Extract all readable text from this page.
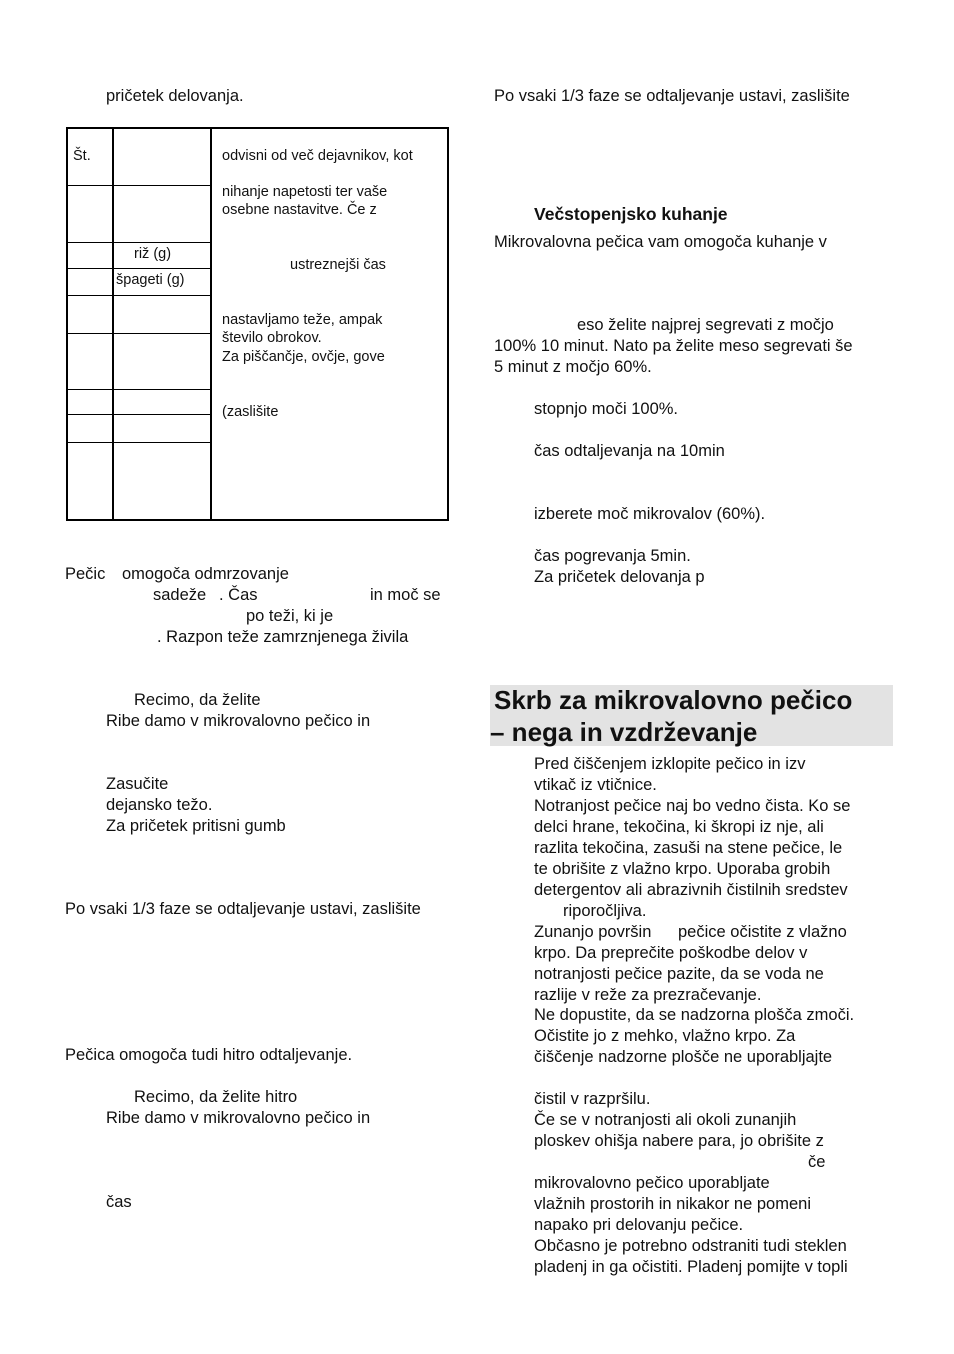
pričetek delovanja.
Št.
riž (g)
špageti (g)
odvisni od več dejavnikov, kot
nihanje napetosti ter vaše
osebne nastavitve. Če z
ustreznejši čas
nastavljamo teže, ampak
število obrokov.
Za piščančje, ovčje, gove
(zaslišite
Pečic omogoča odmrzovanje
sadeže . Čas	in moč se
po teži, ki je
. Razpon teže zamrznjenega živila
Recimo, da želite
Ribe damo v mikrovalovno pečico in
Zasučite
dejansko težo.
Za pričetek pritisni gumb
Po vsaki 1/3 faze se odtaljevanje ustavi, zaslišite
Pečica omogoča tudi hitro odtaljevanje.
Recimo, da želite hitro
Ribe damo v mikrovalovno pečico in
čas
Po vsaki 1/3 faze se odtaljevanje ustavi, zaslišite
Večstopenjsko kuhanje
Mikrovalovna pečica vam omogoča kuhanje v
eso želite najprej segrevati z močjo
100% 10 minut. Nato pa želite meso segrevati še
5 minut z močjo 60%.
stopnjo moči 100%.
čas odtaljevanja na 10min
izberete moč mikrovalov (60%).
čas pogrevanja 5min.
Za pričetek delovanja p
Skrb za mikrovalovno pečico
– nega in vzdrževanje
Pred čiščenjem izklopite pečico in izv
vtikač iz vtičnice.
Notranjost pečice naj bo vedno čista. Ko se
delci hrane, tekočina, ki škropi iz nje, ali
razlita tekočina, zasuši na stene pečice, le
te obrišite z vlažno krpo. Uporaba grobih
detergentov ali abrazivnih čistilnih sredstev
riporočljiva.
Zunanjo površin pečice očistite z vlažno
krpo. Da preprečite poškodbe delov v
notranjosti pečice pazite, da se voda ne
razlije v reže za prezračevanje.
Ne dopustite, da se nadzorna plošča zmoči.
Očistite jo z mehko, vlažno krpo. Za
čiščenje nadzorne plošče ne uporabljajte
čistil v razpršilu.
Če se v notranjosti ali okoli zunanjih
ploskev ohišja nabere para, jo obrišite z
če
mikrovalovno pečico uporabljate
vlažnih prostorih in nikakor ne pomeni
napako pri delovanju pečice.
Občasno je potrebno odstraniti tudi steklen
pladenj in ga očistiti. Pladenj pomijte v topli
